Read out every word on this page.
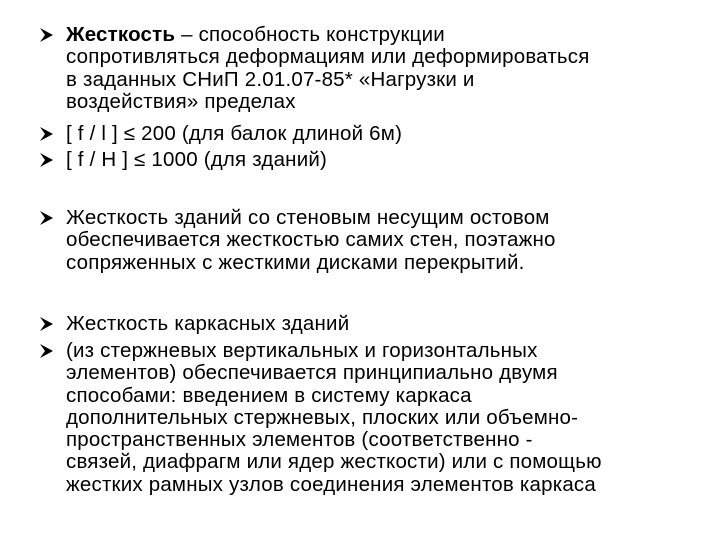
Жесткость – способность конструкции
сопротивляться деформациям или деформироваться
в заданных СНиП 2.01.07-85* «Нагрузки и
воздействия» пределах
[ f / l ] ≤ 200 (для балок длиной 6м)
[ f / H ] ≤ 1000 (для зданий)
Жесткость зданий со стеновым несущим остовом
обеспечивается жесткостью самих стен, поэтажно
сопряженных с жесткими дисками перекрытий.
Жесткость каркасных зданий
(из стержневых вертикальных и горизонтальных
элементов) обеспечивается принципиально двумя
способами: введением в систему каркаса
дополнительных стержневых, плоских или объемно-
пространственных элементов (соответственно -
связей, диафрагм или ядер жесткости) или с помощью
жестких рамных узлов соединения элементов каркаса
